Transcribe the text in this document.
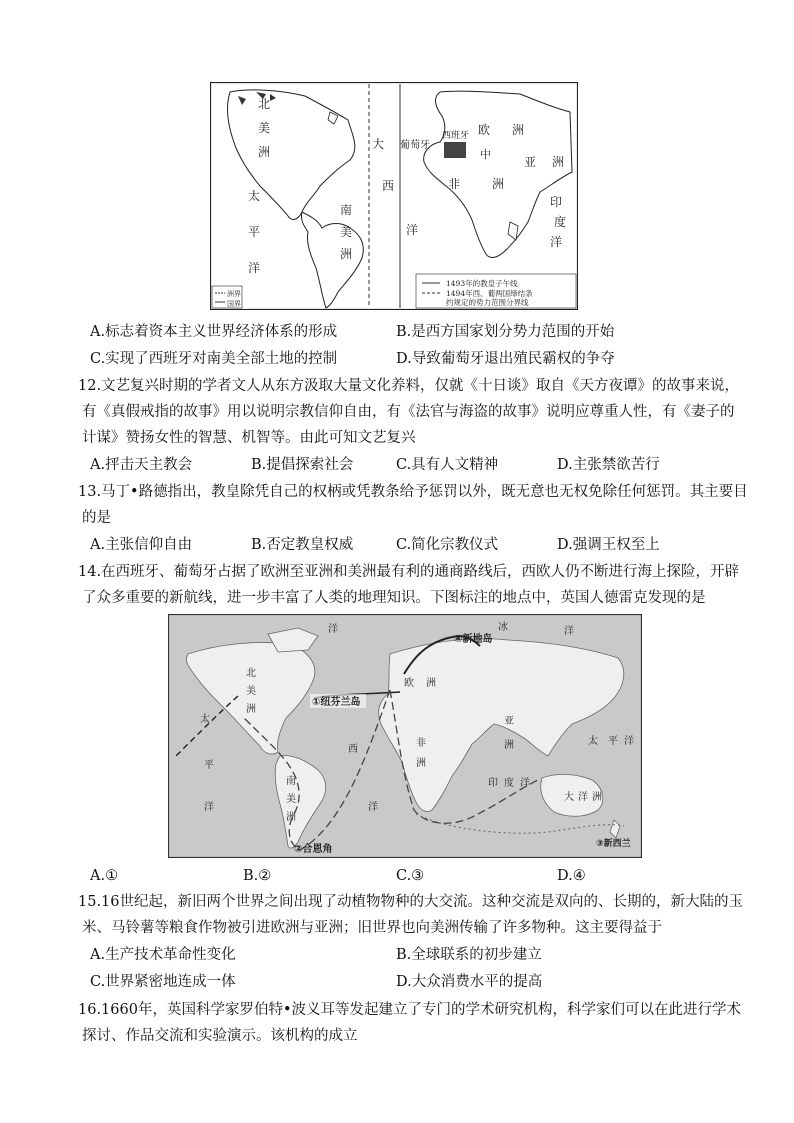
洲界
国界
1493年的教皇子午线
1494年西、葡两国缔结条
约规定的势力范围分界线
北
美
洲
太
平
洋
南
美
洲
大
西
洋
葡萄牙
西班牙 欧 洲
中
亚 洲
非	洲
印
度
洋
A.标志着资本主义世界经济体系的形成	B.是西方国家划分势力范围的开始
C.实现了西班牙对南美全部土地的控制	D.导致葡萄牙退出殖民霸权的争夺
12.文艺复兴时期的学者文人从东方汲取大量文化养料，仅就《十日谈》取自《天方夜谭》的故事来说，
有《真假戒指的故事》用以说明宗教信仰自由，有《法官与海盗的故事》说明应尊重人性，有《妻子的
计谋》赞扬女性的智慧、机智等。由此可知文艺复兴
A.抨击天主教会	B.提倡探索社会	C.具有人文精神	D.主张禁欲苦行
13.马丁•路德指出，教皇除凭自己的权柄或凭教条给予惩罚以外，既无意也无权免除任何惩罚。其主要目
的是
A.主张信仰自由	B.否定教皇权威	C.简化宗教仪式	D.强调王权至上
14.在西班牙、葡萄牙占据了欧洲至亚洲和美洲最有利的通商路线后，西欧人仍不断进行海上探险，开辟
了众多重要的新航线，进一步丰富了人类的地理知识。下图标注的地点中，英国人德雷克发现的是
④新地岛
①纽芬兰岛
②合恩角	③新西兰
北
美
洲
南
美
洲
欧 洲
非
洲
亚
洲
大 洋 洲
太 平 洋
太
平
洋
西
洋
印 度 洋
洋	冰	洋
A.①	B.②	C.③	D.④
15.16世纪起，新旧两个世界之间出现了动植物物种的大交流。这种交流是双向的、长期的，新大陆的玉
米、马铃薯等粮食作物被引进欧洲与亚洲；旧世界也向美洲传输了许多物种。这主要得益于
A.生产技术革命性变化	B.全球联系的初步建立
C.世界紧密地连成一体	D.大众消费水平的提高
16.1660年，英国科学家罗伯特•波义耳等发起建立了专门的学术研究机构，科学家们可以在此进行学术
探讨、作品交流和实验演示。该机构的成立
